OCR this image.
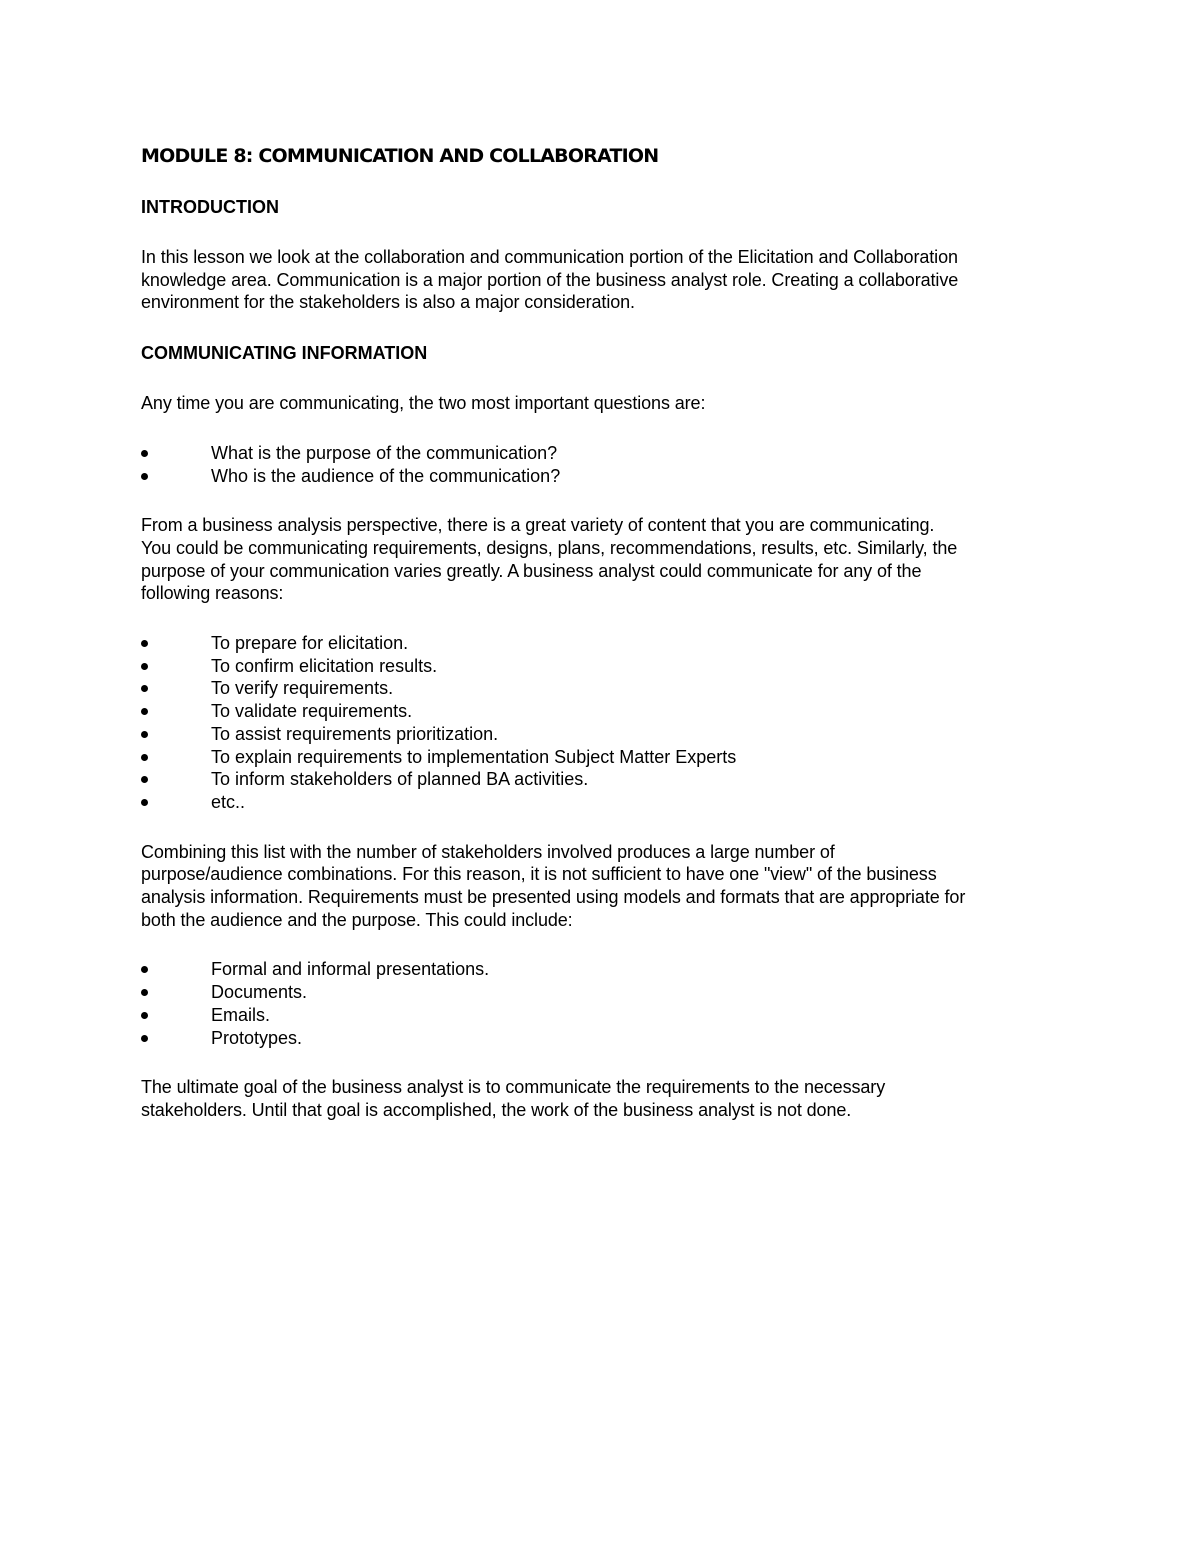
MODULE 8: COMMUNICATION AND COLLABORATION
INTRODUCTION
In this lesson we look at the collaboration and communication portion of the Elicitation and Collaboration
knowledge area. Communication is a major portion of the business analyst role. Creating a collaborative
environment for the stakeholders is also a major consideration.
COMMUNICATING INFORMATION
Any time you are communicating, the two most important questions are:
What is the purpose of the communication?
Who is the audience of the communication?
From a business analysis perspective, there is a great variety of content that you are communicating.
You could be communicating requirements, designs, plans, recommendations, results, etc. Similarly, the
purpose of your communication varies greatly. A business analyst could communicate for any of the
following reasons:
To prepare for elicitation.
To confirm elicitation results.
To verify requirements.
To validate requirements.
To assist requirements prioritization.
To explain requirements to implementation Subject Matter Experts
To inform stakeholders of planned BA activities.
etc..
Combining this list with the number of stakeholders involved produces a large number of
purpose/audience combinations. For this reason, it is not sufficient to have one "view" of the business
analysis information. Requirements must be presented using models and formats that are appropriate for
both the audience and the purpose. This could include:
Formal and informal presentations.
Documents.
Emails.
Prototypes.
The ultimate goal of the business analyst is to communicate the requirements to the necessary
stakeholders. Until that goal is accomplished, the work of the business analyst is not done.
